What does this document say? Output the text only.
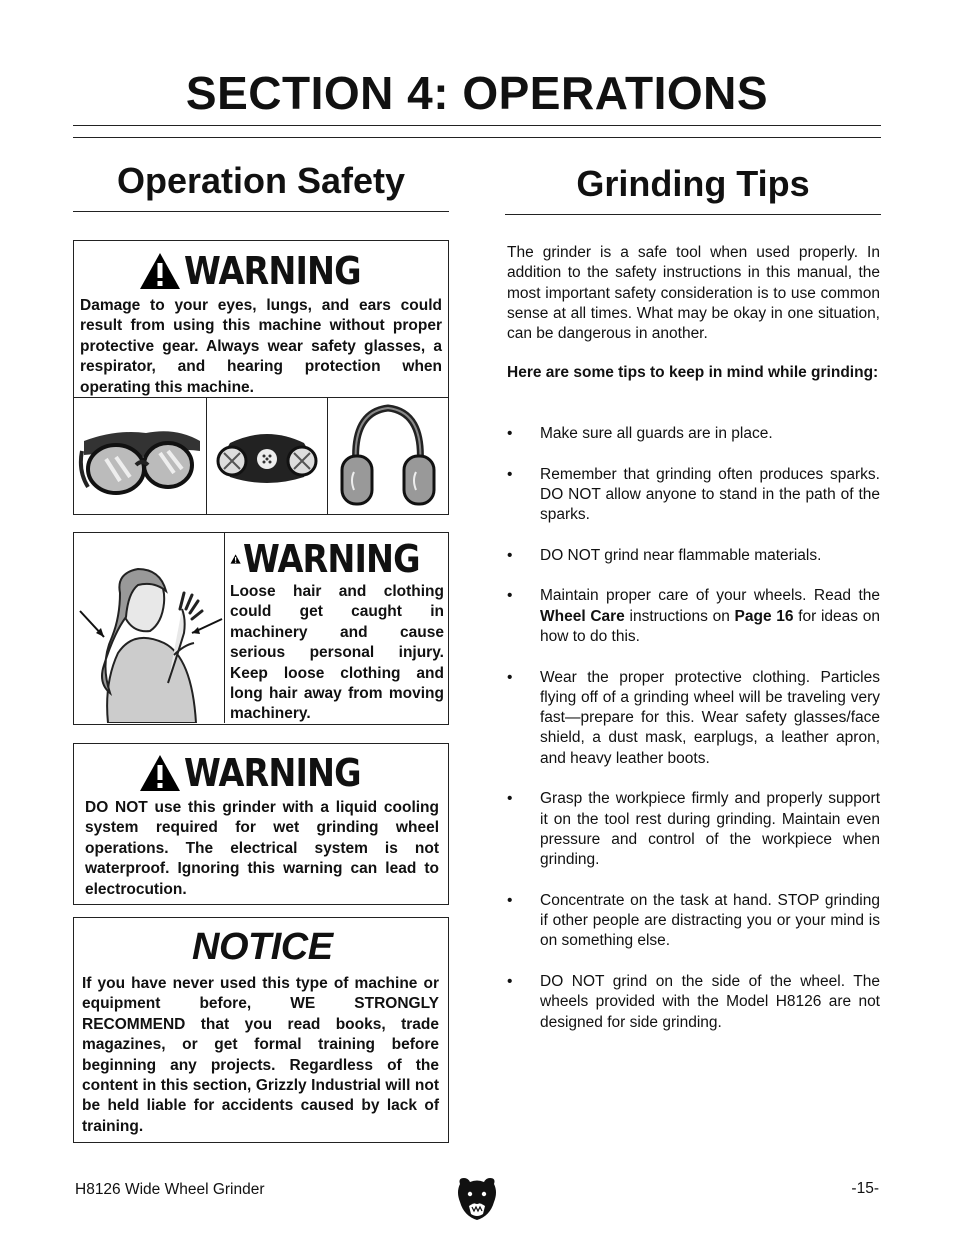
SECTION 4: OPERATIONS
Operation Safety	Grinding Tips
WARNING
Damage to your eyes, lungs, and ears could result from using this machine without proper protective gear. Always wear safety glasses, a respirator, and hearing protection when operating this machine.
WARNING
Loose hair and clothing could get caught in machinery and cause serious personal injury. Keep loose clothing and long hair away from moving machinery.
WARNING
DO NOT use this grinder with a liquid cooling system required for wet grinding wheel operations. The electrical system is not waterproof. Ignoring this warning can lead to electrocution.
NOTICE
If you have never used this type of machine or equipment before, WE STRONGLY RECOMMEND that you read books, trade magazines, or get formal training before beginning any projects. Regardless of the content in this section, Grizzly Industrial will not be held liable for accidents caused by lack of training.
The grinder is a safe tool when used properly. In addition to the safety instructions in this manual, the most important safety consideration is to use common sense at all times. What may be okay in one situation, can be dangerous in another.
Here are some tips to keep in mind while grinding:
• Make sure all guards are in place.
• Remember that grinding often produces sparks. DO NOT allow anyone to stand in the path of the sparks.
• DO NOT grind near flammable materials.
• Maintain proper care of your wheels. Read the Wheel Care instructions on Page 16 for ideas on how to do this.
• Wear the proper protective clothing. Particles flying off of a grinding wheel will be traveling very fast—prepare for this. Wear safety glasses/face shield, a dust mask, earplugs, a leather apron, and heavy leather boots.
• Grasp the workpiece firmly and properly support it on the tool rest during grinding. Maintain even pressure and control of the workpiece when grinding.
• Concentrate on the task at hand. STOP grinding if other people are distracting you or your mind is on something else.
• DO NOT grind on the side of the wheel. The wheels provided with the Model H8126 are not designed for side grinding.
H8126 Wide Wheel Grinder	-15-
